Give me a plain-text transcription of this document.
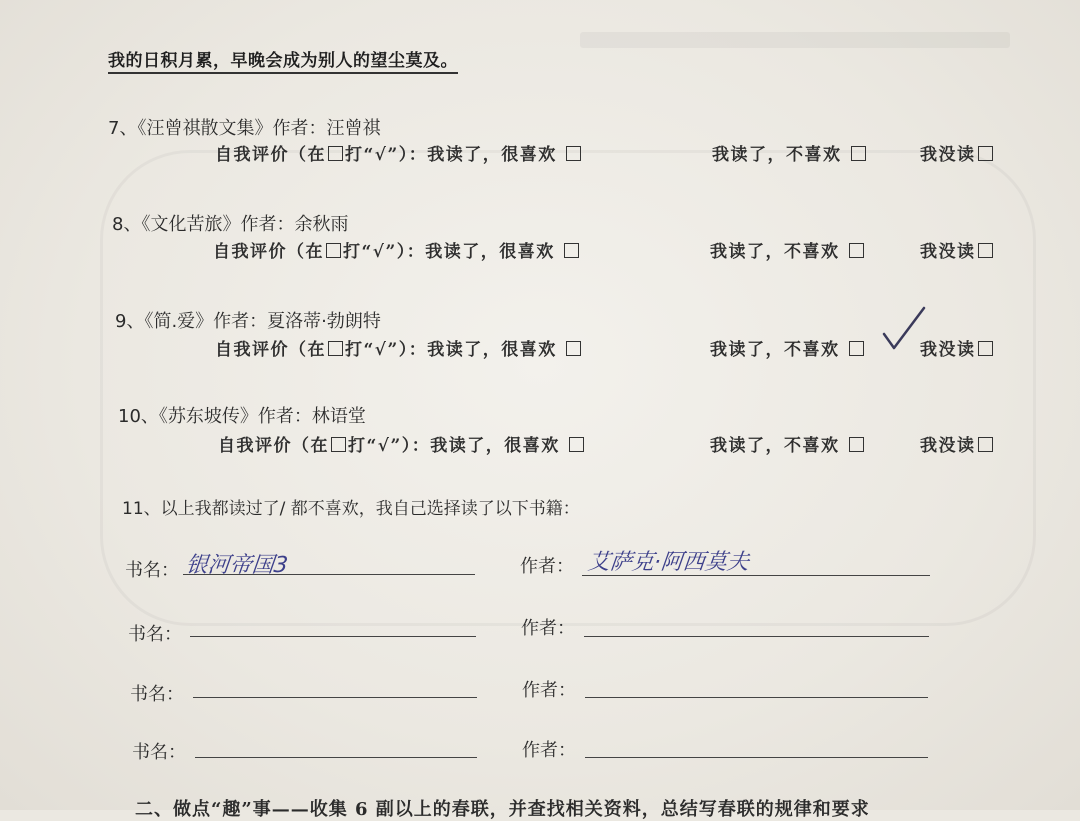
我的日积月累，早晚会成为别人的望尘莫及。
7、《汪曾祺散文集》作者：汪曾祺
自我评价（在 打“√”）：我读了，很喜欢	我读了，不喜欢	我没读
8、《文化苦旅》作者：余秋雨
自我评价（在 打“√”）：我读了，很喜欢	我读了，不喜欢	我没读
9、《简.爱》作者：夏洛蒂·勃朗特
自我评价（在 打“√”）：我读了，很喜欢	我读了，不喜欢	我没读
10、《苏东坡传》作者：林语堂
自我评价（在 打“√”）：我读了，很喜欢	我读了，不喜欢	我没读
11、以上我都读过了/ 都不喜欢，我自己选择读了以下书籍：
书名： 银河帝国3	作者： 艾萨克·阿西莫夫
书名：	作者：
书名：	作者：
书名：	作者：
二、做点“趣”事——收集 6 副以上的春联，并查找相关资料，总结写春联的规律和要求
